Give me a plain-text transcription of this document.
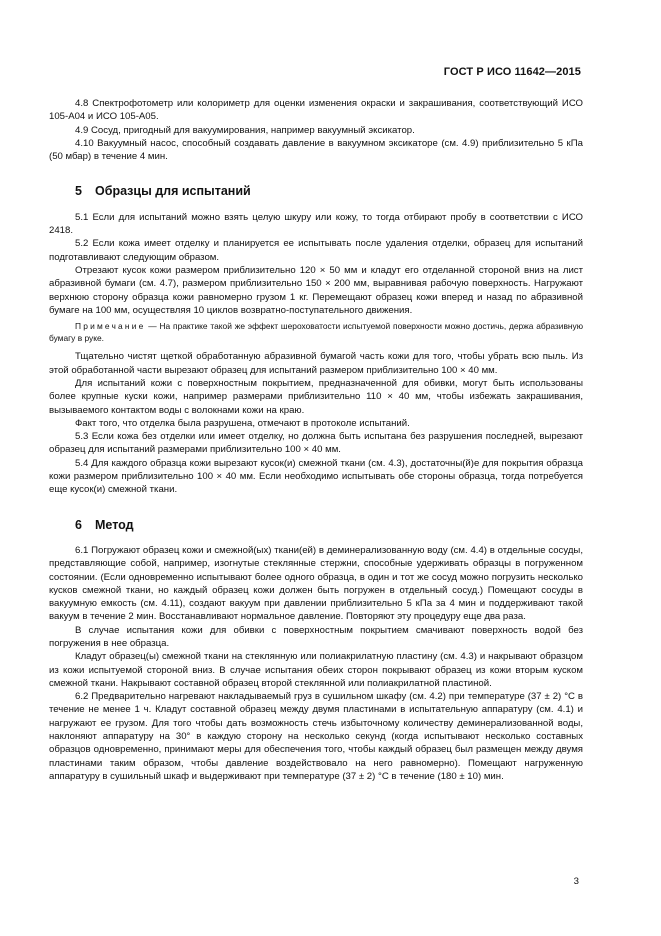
ГОСТ Р ИСО 11642—2015

4.8 Спектрофотометр или колориметр для оценки изменения окраски и закрашивания, соответствующий ИСО 105-А04 и ИСО 105-А05.

4.9 Сосуд, пригодный для вакуумирования, например вакуумный эксикатор.

4.10 Вакуумный насос, способный создавать давление в вакуумном эксикаторе (см. 4.9) приблизительно 5 кПа (50 мбар) в течение 4 мин.

5 Образцы для испытаний

5.1 Если для испытаний можно взять целую шкуру или кожу, то тогда отбирают пробу в соответствии с ИСО 2418.

5.2 Если кожа имеет отделку и планируется ее испытывать после удаления отделки, образец для испытаний подготавливают следующим образом.

Отрезают кусок кожи размером приблизительно 120 × 50 мм и кладут его отделанной стороной вниз на лист абразивной бумаги (см. 4.7), размером приблизительно 150 × 200 мм, выравнивая рабочую поверхность. Нагружают верхнюю сторону образца кожи равномерно грузом 1 кг. Перемещают образец кожи вперед и назад по абразивной бумаге на 100 мм, осуществляя 10 циклов возвратно-поступательного движения.

Примечание — На практике такой же эффект шероховатости испытуемой поверхности можно достичь, держа абразивную бумагу в руке.

Тщательно чистят щеткой обработанную абразивной бумагой часть кожи для того, чтобы убрать всю пыль. Из этой обработанной части вырезают образец для испытаний размером приблизительно 100 × 40 мм.

Для испытаний кожи с поверхностным покрытием, предназначенной для обивки, могут быть использованы более крупные куски кожи, например размерами приблизительно 110 × 40 мм, чтобы избежать закрашивания, вызываемого контактом воды с волокнами кожи на краю.

Факт того, что отделка была разрушена, отмечают в протоколе испытаний.

5.3 Если кожа без отделки или имеет отделку, но должна быть испытана без разрушения последней, вырезают образец для испытаний размерами приблизительно 100 × 40 мм.

5.4 Для каждого образца кожи вырезают кусок(и) смежной ткани (см. 4.3), достаточны(й)е для покрытия образца кожи размером приблизительно 100 × 40 мм. Если необходимо испытывать обе стороны образца, тогда потребуется еще кусок(и) смежной ткани.

6 Метод

6.1 Погружают образец кожи и смежной(ых) ткани(ей) в деминерализованную воду (см. 4.4) в отдельные сосуды, представляющие собой, например, изогнутые стеклянные стержни, способные удерживать образцы в погруженном состоянии. (Если одновременно испытывают более одного образца, в один и тот же сосуд можно погрузить несколько кусков смежной ткани, но каждый образец кожи должен быть погружен в отдельный сосуд.) Помещают сосуды в вакуумную емкость (см. 4.11), создают вакуум при давлении приблизительно 5 кПа за 4 мин и поддерживают такой вакуум в течение 2 мин. Восстанавливают нормальное давление. Повторяют эту процедуру еще два раза.

В случае испытания кожи для обивки с поверхностным покрытием смачивают поверхность водой без погружения в нее образца.

Кладут образец(ы) смежной ткани на стеклянную или полиакрилатную пластину (см. 4.3) и накрывают образцом из кожи испытуемой стороной вниз. В случае испытания обеих сторон покрывают образец из кожи вторым куском смежной ткани. Накрывают составной образец второй стеклянной или полиакрилатной пластиной.

6.2 Предварительно нагревают накладываемый груз в сушильном шкафу (см. 4.2) при температуре (37 ± 2) °С в течение не менее 1 ч. Кладут составной образец между двумя пластинами в испытательную аппаратуру (см. 4.1) и нагружают ее грузом. Для того чтобы дать возможность стечь избыточному количеству деминерализованной воды, наклоняют аппаратуру на 30° в каждую сторону на несколько секунд (когда испытывают несколько составных образцов одновременно, принимают меры для обеспечения того, чтобы каждый образец был размещен между двумя пластинами таким образом, чтобы давление воздействовало на него равномерно). Помещают нагруженную аппаратуру в сушильный шкаф и выдерживают при температуре (37 ± 2) °С в течение (180 ± 10) мин.

3
